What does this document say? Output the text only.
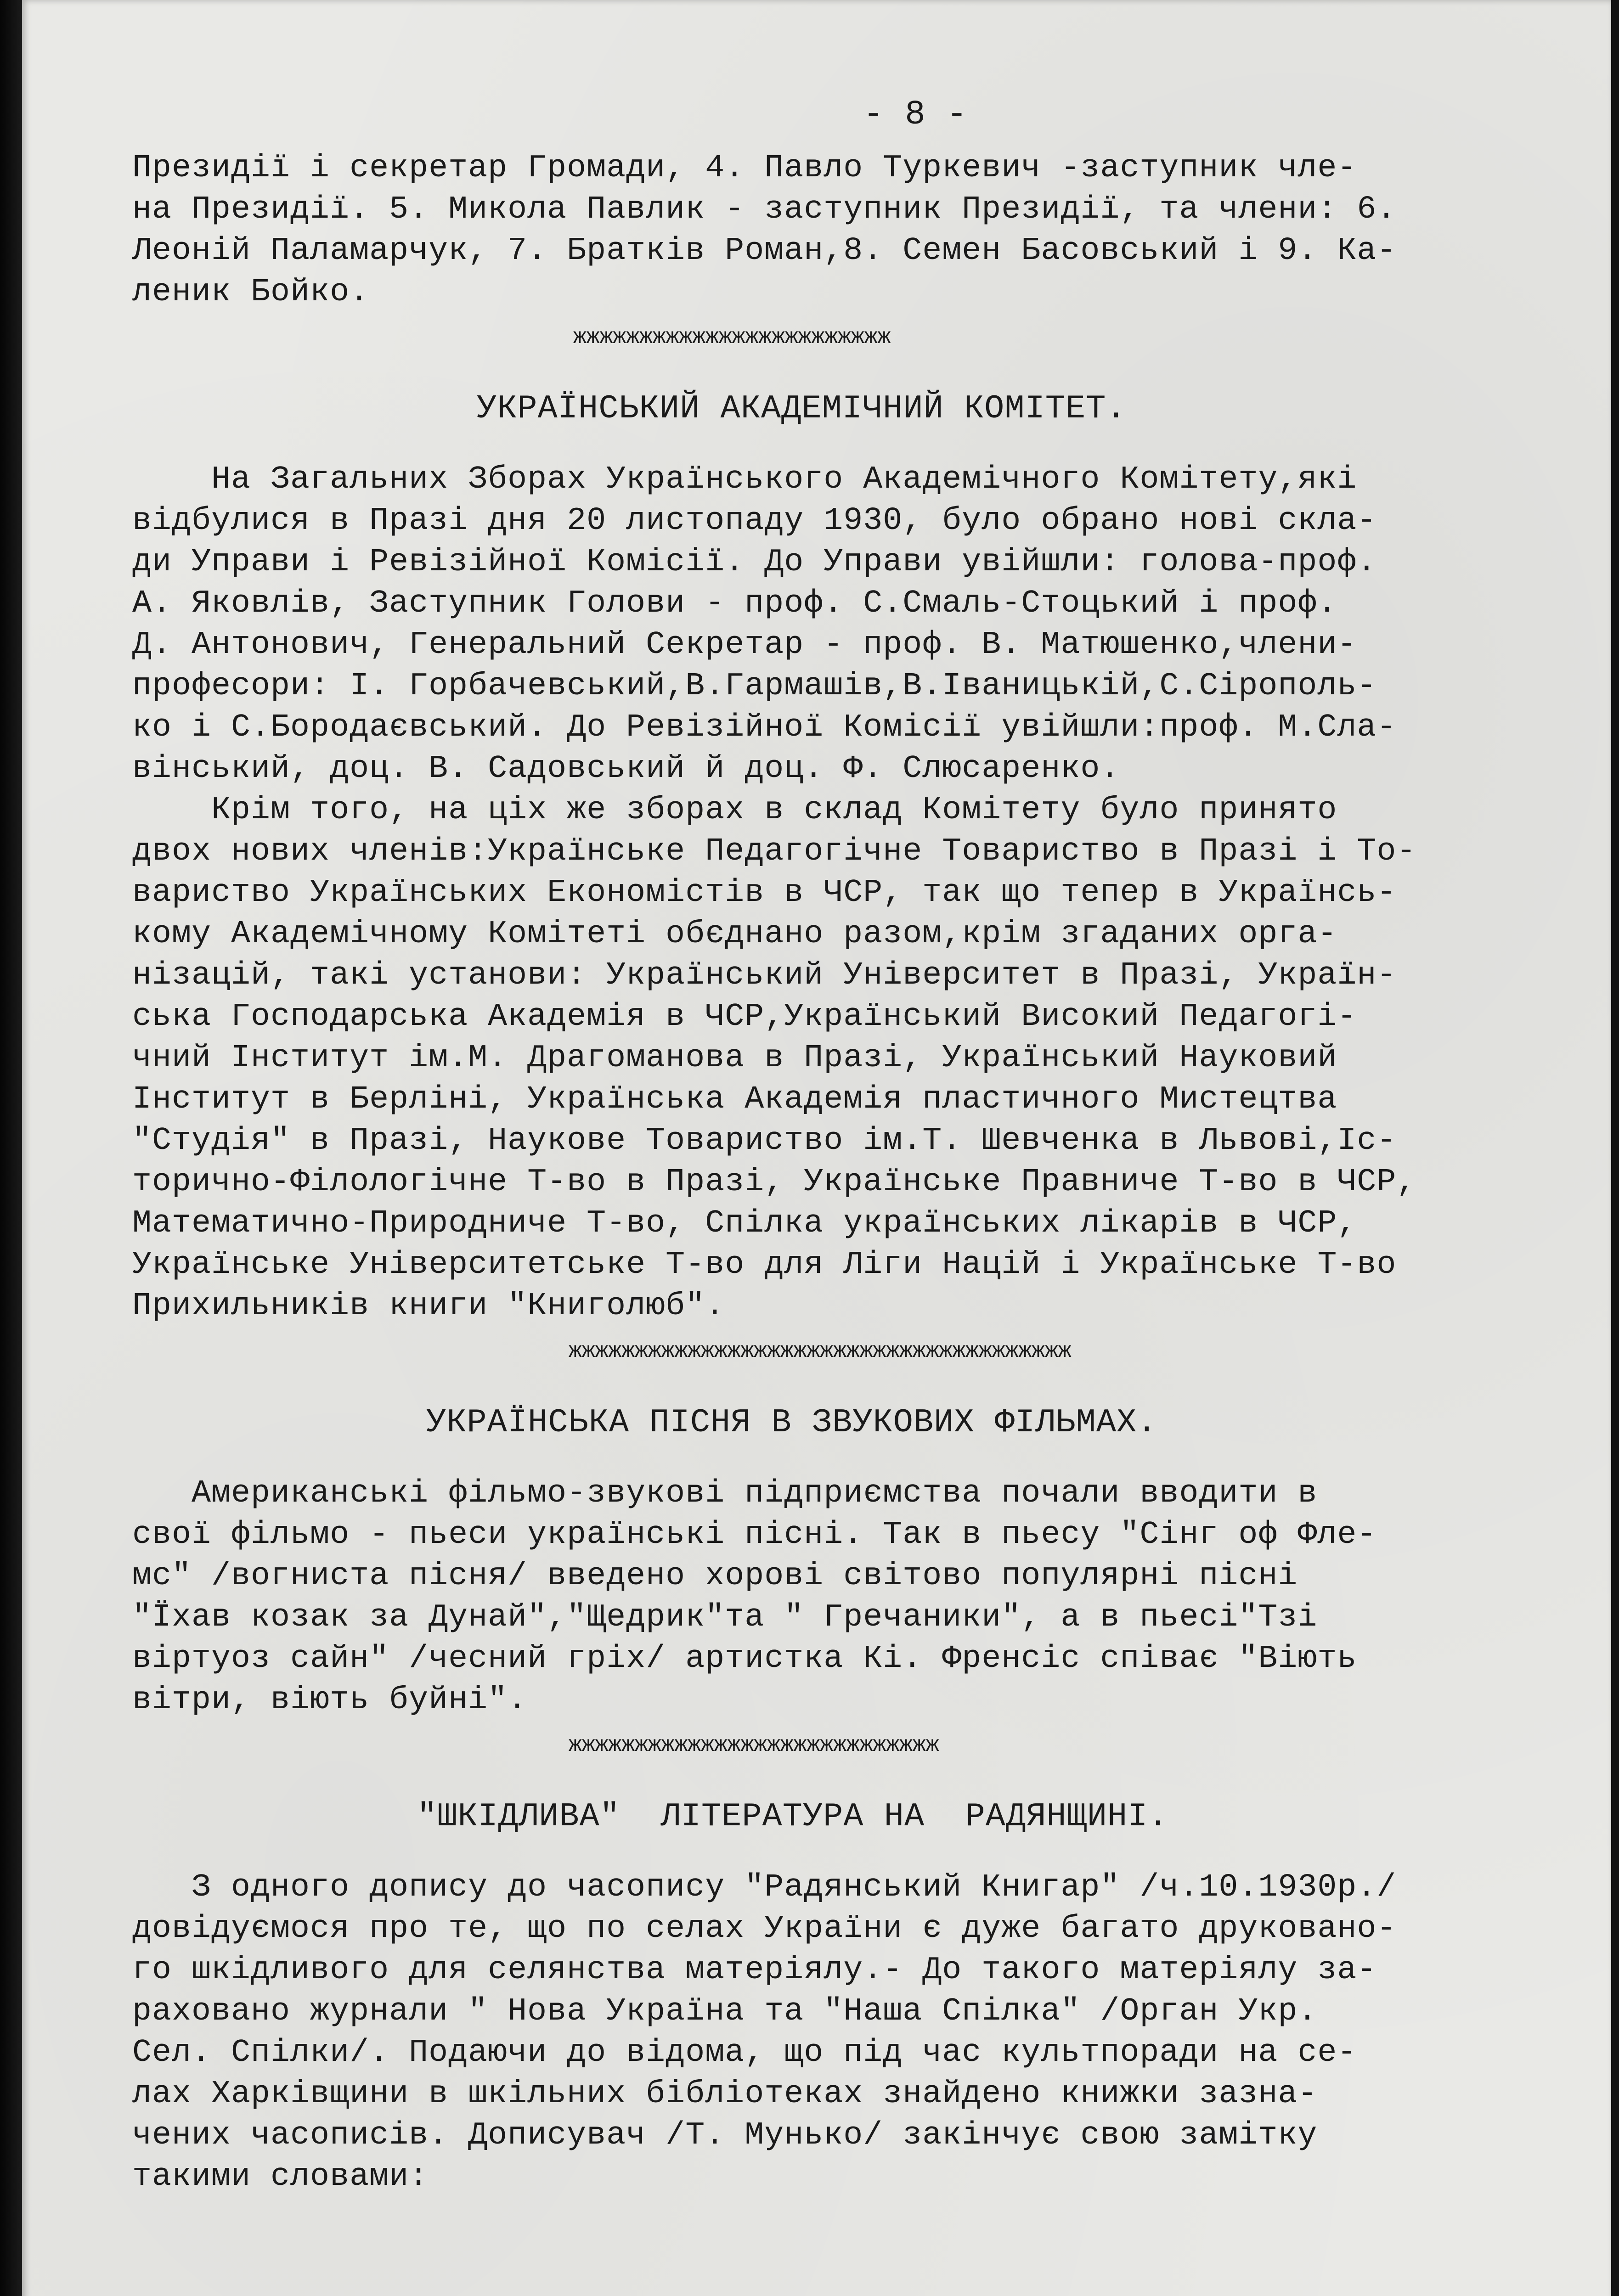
- 8 -
Президії і секретар Громади, 4. Павло Туркевич -заступник чле-
на Президії. 5. Микола Павлик - заступник Президії, та члени: 6.
Леоній Паламарчук, 7. Братків Роман,8. Семен Басовський і 9. Ка-
леник Бойко.
жжжжжжжжжжжжжжжжжжжжжжжж
УКРАЇНСЬКИЙ АКАДЕМІЧНИЙ КОМІТЕТ.
На Загальних Зборах Українського Академічного Комітету,які
відбулися в Празі дня 20 листопаду 1930, було обрано нові скла-
ди Управи і Ревізійної Комісії. До Управи увійшли: голова-проф.
А. Яковлів, Заступник Голови - проф. С.Смаль-Стоцький і проф.
Д. Антонович, Генеральний Секретар - проф. В. Матюшенко,члени-
професори: І. Горбачевський,В.Гармашів,В.Іваницькій,С.Сірополь-
ко і С.Бородаєвський. До Ревізійної Комісії увійшли:проф. М.Сла-
вінський, доц. В. Садовський й доц. Ф. Слюсаренко.
Крім того, на ціх же зборах в склад Комітету було принято
двох нових членів:Українське Педагогічне Товариство в Празі і То-
вариство Українських Економістів в ЧСР, так що тепер в Українсь-
кому Академічному Комітеті обєднано разом,крім згаданих орга-
нізацій, такі установи: Український Університет в Празі, Україн-
ська Господарська Академія в ЧСР,Український Високий Педагогі-
чний Інститут ім.М. Драгоманова в Празі, Український Науковий
Інститут в Берліні, Українська Академія пластичного Мистецтва
"Студія" в Празі, Наукове Товариство ім.Т. Шевченка в Львові,Іс-
торично-Філологічне Т-во в Празі, Українське Правниче Т-во в ЧСР,
Математично-Природниче Т-во, Спілка українських лікарів в ЧСР,
Українське Університетське Т-во для Ліги Націй і Українське Т-во
Прихильників книги "Книголюб".
жжжжжжжжжжжжжжжжжжжжжжжжжжжжжжжжжжжжжж
УКРАЇНСЬКА ПІСНЯ В ЗВУКОВИХ ФІЛЬМАХ.
Американські фільмо-звукові підприємства почали вводити в
свої фільмо - пьеси українські пісні. Так в пьесу "Сінг оф Фле-
мс" /вогниста пісня/ введено хорові світово популярні пісні
"Їхав козак за Дунай","Щедрик"та " Гречаники", а в пьесі"Тзі
віртуоз сайн" /чесний гріх/ артистка Кі. Френсіс співає "Віють
вітри, віють буйні".
жжжжжжжжжжжжжжжжжжжжжжжжжжжж
"ШКІДЛИВА"  ЛІТЕРАТУРА НА  РАДЯНЩИНІ.
З одного допису до часопису "Радянський Книгар" /ч.10.1930р./
довідуємося про те, що по селах України є дуже багато друковано-
го шкідливого для селянства матеріялу.- До такого матеріялу за-
раховано журнали " Нова Україна та "Наша Спілка" /Орган Укр.
Сел. Спілки/. Подаючи до відома, що під час культпоради на се-
лах Харківщини в шкільних бібліотеках знайдено книжки зазна-
чених часописів. Дописувач /Т. Мунько/ закінчує свою замітку
такими словами:
